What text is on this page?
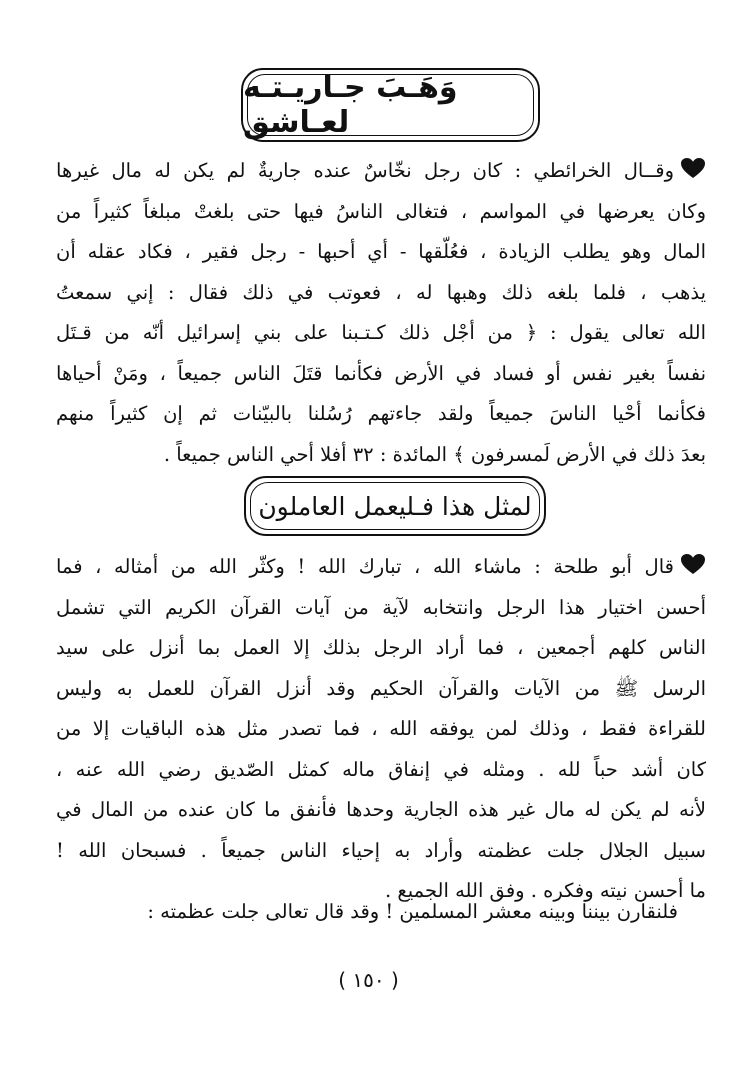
وَهَـبَ جـاريـتـه لعـاشق
وقــال الخرائطي : كان رجل نخّاسٌ عنده جاريةٌ لم يكن له مال غيرها
وكان يعرضها في المواسم ، فتغالى الناسُ فيها حتى بلغتْ مبلغاً كثيراً من
المال وهو يطلب الزيادة ، فعُلّقها - أي أحبها - رجل فقير ، فكاد عقله أن
يذهب ، فلما بلغه ذلك وهبها له ، فعوتب في ذلك فقال : إني سمعتُ
الله تعالى يقول : ﴿ من أجْل ذلك كـتـبنا على بني إسرائيل أنّه من قـتَل
نفساً بغير نفس أو فساد في الأرض فكأنما قتَلَ الناس جميعاً ، ومَنْ أحياها
فكأنما أحْيا الناسَ جميعاً ولقد جاءتهم رُسُلنا بالبيّنات ثم إن كثيراً منهم
بعدَ ذلك في الأرض لَمسرفون ﴾ المائدة : ٣٢ أفلا أحي الناس جميعاً .
لمثل هذا فـليعمل العاملون
قال أبو طلحة : ماشاء الله ، تبارك الله ! وكثّر الله من أمثاله ، فما
أحسن اختيار هذا الرجل وانتخابه لآية من آيات القرآن الكريم التي تشمل
الناس كلهم أجمعين ، فما أراد الرجل بذلك إلا العمل بما أنزل على سيد
الرسل ﷺ من الآيات والقرآن الحكيم وقد أنزل القرآن للعمل به وليس
للقراءة فقط ، وذلك لمن يوفقه الله ، فما تصدر مثل هذه الباقيات إلا من
كان أشد حباً لله . ومثله في إنفاق ماله كمثل الصّديق رضي الله عنه ،
لأنه لم يكن له مال غير هذه الجارية وحدها فأنفق ما كان عنده من المال في
سبيل الجلال جلت عظمته وأراد به إحياء الناس جميعاً . فسبحان الله !
ما أحسن نيته وفكره . وفق الله الجميع .
فلنقارن بيننا وبينه معشر المسلمين ! وقد قال تعالى جلت عظمته :
( ١٥٠ )
